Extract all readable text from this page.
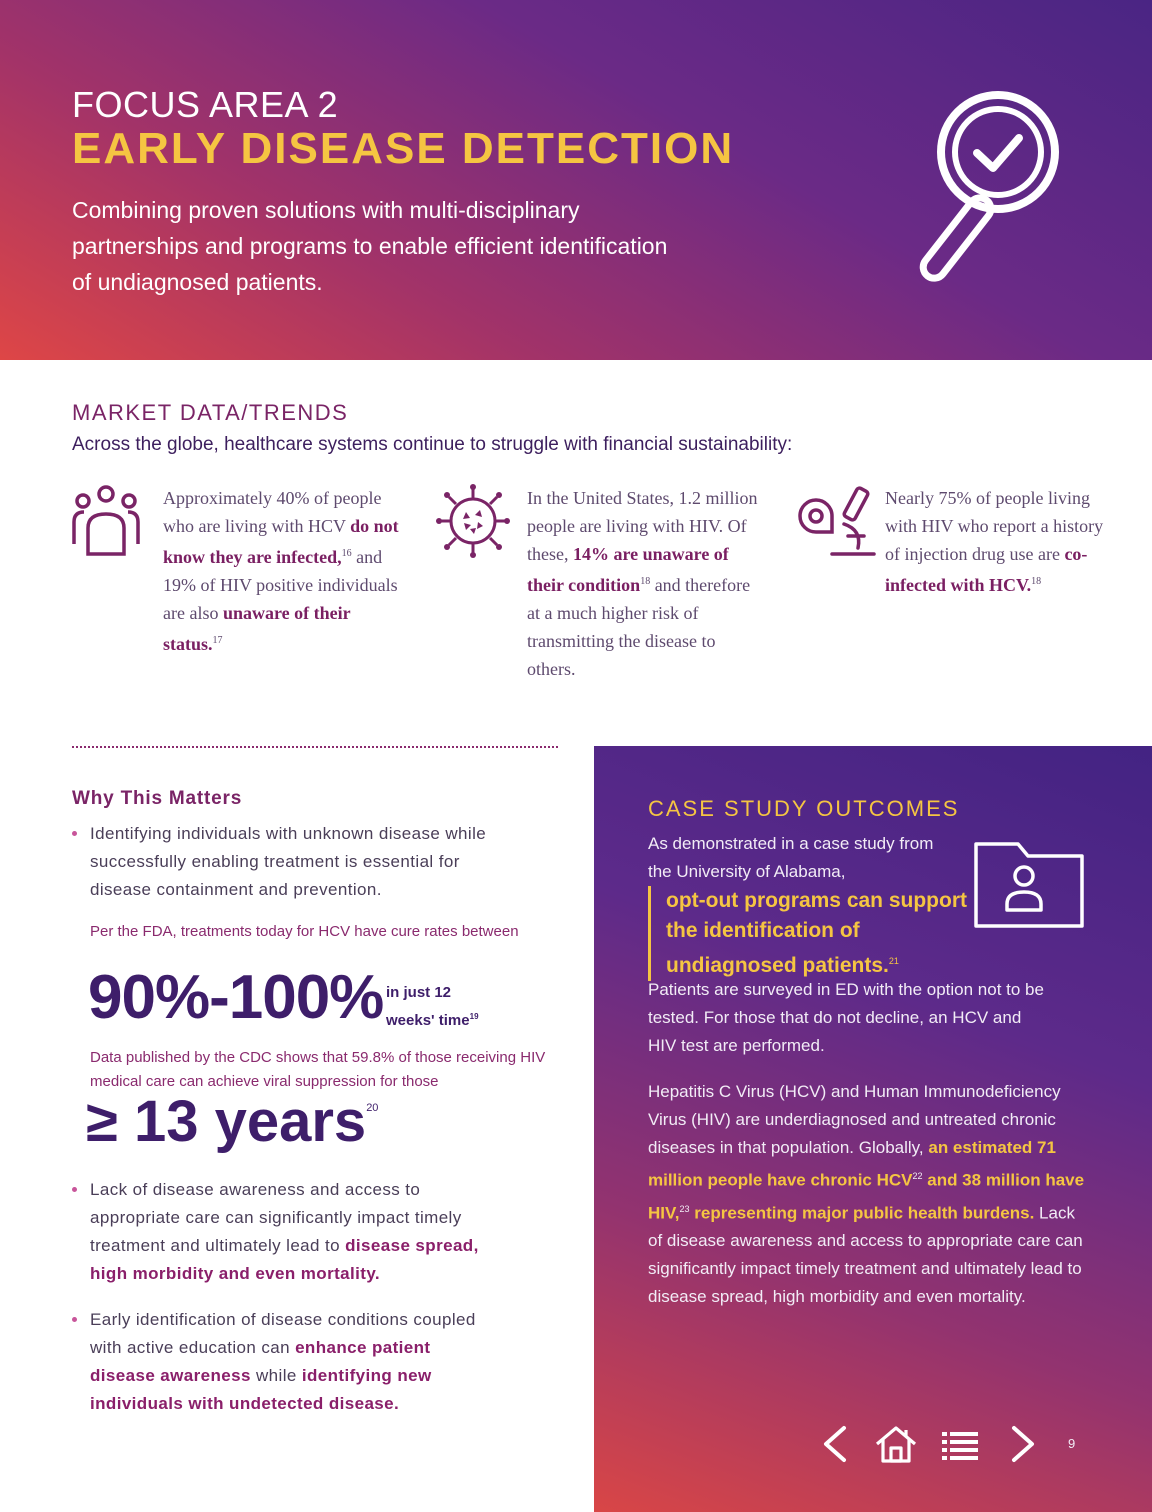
FOCUS AREA 2
EARLY DISEASE DETECTION
Combining proven solutions with multi-disciplinary partnerships and programs to enable efficient identification of undiagnosed patients.
MARKET DATA/TRENDS
Across the globe, healthcare systems continue to struggle with financial sustainability:
Approximately 40% of people who are living with HCV do not know they are infected,$^{16}$ and 19% of HIV positive individuals are also unaware of their status.$^{17}$
In the United States, 1.2 million people are living with HIV. Of these, 14% are unaware of their condition$^{18}$ and therefore at a much higher risk of transmitting the disease to others.
Nearly 75% of people living with HIV who report a history of injection drug use are co-infected with HCV.$^{18}$
Why This Matters
Identifying individuals with unknown disease while successfully enabling treatment is essential for disease containment and prevention.
Per the FDA, treatments today for HCV have cure rates between
90%-100% in just 12 weeks' time$^{19}$
Data published by the CDC shows that 59.8% of those receiving HIV medical care can achieve viral suppression for those
≥ 13 years$^{20}$
Lack of disease awareness and access to appropriate care can significantly impact timely treatment and ultimately lead to disease spread, high morbidity and even mortality.
Early identification of disease conditions coupled with active education can enhance patient disease awareness while identifying new individuals with undetected disease.
CASE STUDY OUTCOMES
As demonstrated in a case study from the University of Alabama,
opt-out programs can support the identification of undiagnosed patients.$^{21}$
Patients are surveyed in ED with the option not to be tested. For those that do not decline, an HCV and HIV test are performed.
Hepatitis C Virus (HCV) and Human Immunodeficiency Virus (HIV) are underdiagnosed and untreated chronic diseases in that population. Globally, an estimated 71 million people have chronic HCV$^{22}$ and 38 million have HIV,$^{23}$ representing major public health burdens. Lack of disease awareness and access to appropriate care can significantly impact timely treatment and ultimately lead to disease spread, high morbidity and even mortality.
9
